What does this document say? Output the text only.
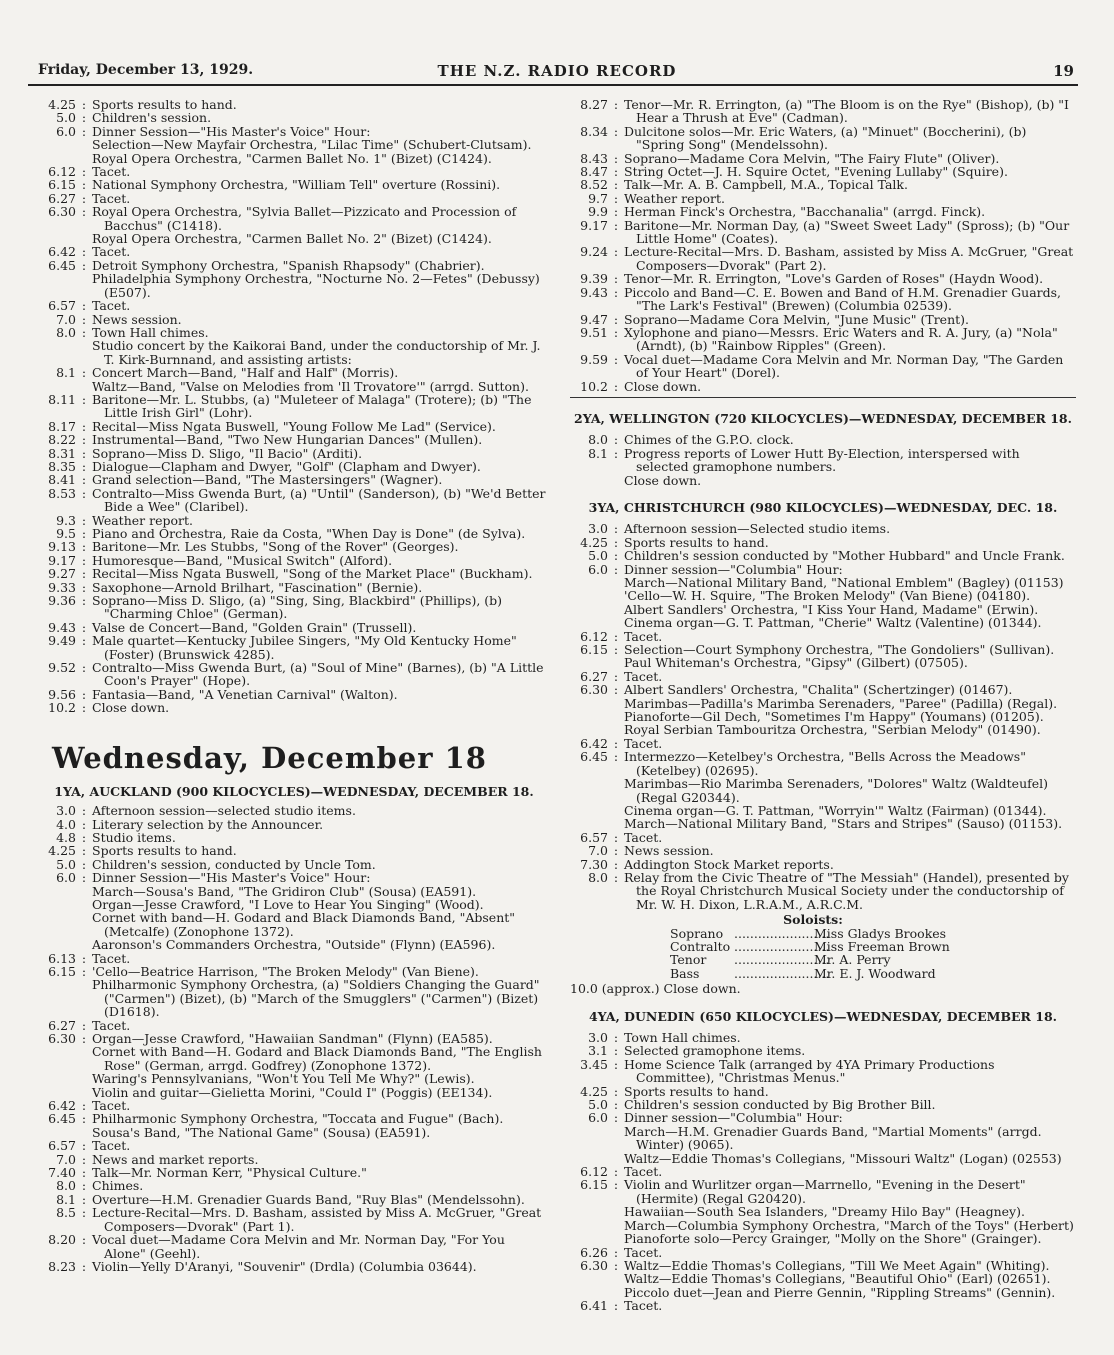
Friday, December 13, 1929.	THE N.Z. RADIO RECORD	19
4.25 : Sports results to hand.

5.0 : Children's session.

6.0 : Dinner Session—"His Master's Voice" Hour:

Selection—New Mayfair Orchestra, "Lilac Time" (Schubert-Clutsam).

Royal Opera Orchestra, "Carmen Ballet No. 1" (Bizet) (C1424).

6.12 : Tacet.

6.15 : National Symphony Orchestra, "William Tell" overture (Rossini).

6.27 : Tacet.

6.30 : Royal Opera Orchestra, "Sylvia Ballet—Pizzicato and Procession of Bacchus" (C1418).

Royal Opera Orchestra, "Carmen Ballet No. 2" (Bizet) (C1424).

6.42 : Tacet.

6.45 : Detroit Symphony Orchestra, "Spanish Rhapsody" (Chabrier).

Philadelphia Symphony Orchestra, "Nocturne No. 2—Fetes" (Debussy) (E507).

6.57 : Tacet.

7.0 : News session.

8.0 : Town Hall chimes.

Studio concert by the Kaikorai Band, under the conductorship of Mr. J. T. Kirk-Burnnand, and assisting artists:

8.1 : Concert March—Band, "Half and Half" (Morris).

Waltz—Band, "Valse on Melodies from 'Il Trovatore'" (arrgd. Sutton).

8.11 : Baritone—Mr. L. Stubbs, (a) "Muleteer of Malaga" (Trotere); (b) "The Little Irish Girl" (Lohr).

8.17 : Recital—Miss Ngata Buswell, "Young Follow Me Lad" (Service).

8.22 : Instrumental—Band, "Two New Hungarian Dances" (Mullen).

8.31 : Soprano—Miss D. Sligo, "Il Bacio" (Arditi).

8.35 : Dialogue—Clapham and Dwyer, "Golf" (Clapham and Dwyer).

8.41 : Grand selection—Band, "The Mastersingers" (Wagner).

8.53 : Contralto—Miss Gwenda Burt, (a) "Until" (Sanderson), (b) "We'd Better Bide a Wee" (Claribel).

9.3 : Weather report.

9.5 : Piano and Orchestra, Raie da Costa, "When Day is Done" (de Sylva).

9.13 : Baritone—Mr. Les Stubbs, "Song of the Rover" (Georges).

9.17 : Humoresque—Band, "Musical Switch" (Alford).

9.27 : Recital—Miss Ngata Buswell, "Song of the Market Place" (Buckham).

9.33 : Saxophone—Arnold Brilhart, "Fascination" (Bernie).

9.36 : Soprano—Miss D. Sligo, (a) "Sing, Sing, Blackbird" (Phillips), (b) "Charming Chloe" (German).

9.43 : Valse de Concert—Band, "Golden Grain" (Trussell).

9.49 : Male quartet—Kentucky Jubilee Singers, "My Old Kentucky Home" (Foster) (Brunswick 4285).

9.52 : Contralto—Miss Gwenda Burt, (a) "Soul of Mine" (Barnes), (b) "A Little Coon's Prayer" (Hope).

9.56 : Fantasia—Band, "A Venetian Carnival" (Walton).

10.2 : Close down.

Wednesday, December 18
1YA, AUCKLAND (900 KILOCYCLES)—WEDNESDAY, DECEMBER 18.
3.0 : Afternoon session—selected studio items.

4.0 : Literary selection by the Announcer.

4.8 : Studio items.

4.25 : Sports results to hand.

5.0 : Children's session, conducted by Uncle Tom.

6.0 : Dinner Session—"His Master's Voice" Hour:

March—Sousa's Band, "The Gridiron Club" (Sousa) (EA591).

Organ—Jesse Crawford, "I Love to Hear You Singing" (Wood).

Cornet with band—H. Godard and Black Diamonds Band, "Absent" (Metcalfe) (Zonophone 1372).

Aaronson's Commanders Orchestra, "Outside" (Flynn) (EA596).

6.13 : Tacet.

6.15 : 'Cello—Beatrice Harrison, "The Broken Melody" (Van Biene).

Philharmonic Symphony Orchestra, (a) "Soldiers Changing the Guard" ("Carmen") (Bizet), (b) "March of the Smugglers" ("Carmen") (Bizet) (D1618).

6.27 : Tacet.

6.30 : Organ—Jesse Crawford, "Hawaiian Sandman" (Flynn) (EA585).

Cornet with Band—H. Godard and Black Diamonds Band, "The English Rose" (German, arrgd. Godfrey) (Zonophone 1372).

Waring's Pennsylvanians, "Won't You Tell Me Why?" (Lewis).

Violin and guitar—Gielietta Morini, "Could I" (Poggis) (EE134).

6.42 : Tacet.

6.45 : Philharmonic Symphony Orchestra, "Toccata and Fugue" (Bach).

Sousa's Band, "The National Game" (Sousa) (EA591).

6.57 : Tacet.

7.0 : News and market reports.

7.40 : Talk—Mr. Norman Kerr, "Physical Culture."

8.0 : Chimes.

8.1 : Overture—H.M. Grenadier Guards Band, "Ruy Blas" (Mendelssohn).

8.5 : Lecture-Recital—Mrs. D. Basham, assisted by Miss A. McGruer, "Great Composers—Dvorak" (Part 1).

8.20 : Vocal duet—Madame Cora Melvin and Mr. Norman Day, "For You Alone" (Geehl).

8.23 : Violin—Yelly D'Aranyi, "Souvenir" (Drdla) (Columbia 03644).

8.27 : Tenor—Mr. R. Errington, (a) "The Bloom is on the Rye" (Bishop), (b) "I Hear a Thrush at Eve" (Cadman).

8.34 : Dulcitone solos—Mr. Eric Waters, (a) "Minuet" (Boccherini), (b) "Spring Song" (Mendelssohn).

8.43 : Soprano—Madame Cora Melvin, "The Fairy Flute" (Oliver).

8.47 : String Octet—J. H. Squire Octet, "Evening Lullaby" (Squire).

8.52 : Talk—Mr. A. B. Campbell, M.A., Topical Talk.

9.7 : Weather report.

9.9 : Herman Finck's Orchestra, "Bacchanalia" (arrgd. Finck).

9.17 : Baritone—Mr. Norman Day, (a) "Sweet Sweet Lady" (Spross); (b) "Our Little Home" (Coates).

9.24 : Lecture-Recital—Mrs. D. Basham, assisted by Miss A. McGruer, "Great Composers—Dvorak" (Part 2).

9.39 : Tenor—Mr. R. Errington, "Love's Garden of Roses" (Haydn Wood).

9.43 : Piccolo and Band—C. E. Bowen and Band of H.M. Grenadier Guards, "The Lark's Festival" (Brewen) (Columbia 02539).

9.47 : Soprano—Madame Cora Melvin, "June Music" (Trent).

9.51 : Xylophone and piano—Messrs. Eric Waters and R. A. Jury, (a) "Nola" (Arndt), (b) "Rainbow Ripples" (Green).

9.59 : Vocal duet—Madame Cora Melvin and Mr. Norman Day, "The Garden of Your Heart" (Dorel).

10.2 : Close down.

2YA, WELLINGTON (720 KILOCYCLES)—WEDNESDAY, DECEMBER 18.
8.0 : Chimes of the G.P.O. clock.

8.1 : Progress reports of Lower Hutt By-Election, interspersed with selected gramophone numbers.

Close down.

3YA, CHRISTCHURCH (980 KILOCYCLES)—WEDNESDAY, DEC. 18.
3.0 : Afternoon session—Selected studio items.

4.25 : Sports results to hand.

5.0 : Children's session conducted by "Mother Hubbard" and Uncle Frank.

6.0 : Dinner session—"Columbia" Hour:

March—National Military Band, "National Emblem" (Bagley) (01153)

'Cello—W. H. Squire, "The Broken Melody" (Van Biene) (04180).

Albert Sandlers' Orchestra, "I Kiss Your Hand, Madame" (Erwin).

Cinema organ—G. T. Pattman, "Cherie" Waltz (Valentine) (01344).

6.12 : Tacet.

6.15 : Selection—Court Symphony Orchestra, "The Gondoliers" (Sullivan).

Paul Whiteman's Orchestra, "Gipsy" (Gilbert) (07505).

6.27 : Tacet.

6.30 : Albert Sandlers' Orchestra, "Chalita" (Schertzinger) (01467).

Marimbas—Padilla's Marimba Serenaders, "Paree" (Padilla) (Regal).

Pianoforte—Gil Dech, "Sometimes I'm Happy" (Youmans) (01205).

Royal Serbian Tambouritza Orchestra, "Serbian Melody" (01490).

6.42 : Tacet.

6.45 : Intermezzo—Ketelbey's Orchestra, "Bells Across the Meadows" (Ketelbey) (02695).

Marimbas—Rio Marimba Serenaders, "Dolores" Waltz (Waldteufel) (Regal G20344).

Cinema organ—G. T. Pattman, "Worryin'" Waltz (Fairman) (01344).

March—National Military Band, "Stars and Stripes" (Sauso) (01153).

6.57 : Tacet.

7.0 : News session.

7.30 : Addington Stock Market reports.

8.0 : Relay from the Civic Theatre of "The Messiah" (Handel), presented by the Royal Christchurch Musical Society under the conductorship of Mr. W. H. Dixon, L.R.A.M., A.R.C.M.

Soloists:
Soprano ........................
Miss Gladys Brookes
Contralto ........................
Miss Freeman Brown
Tenor	........................
Mr. A. Perry
Bass	........................
Mr. E. J. Woodward
10.0 (approx.) Close down.
4YA, DUNEDIN (650 KILOCYCLES)—WEDNESDAY, DECEMBER 18.
3.0 : Town Hall chimes.

3.1 : Selected gramophone items.

3.45 : Home Science Talk (arranged by 4YA Primary Productions Committee), "Christmas Menus."

4.25 : Sports results to hand.

5.0 : Children's session conducted by Big Brother Bill.

6.0 : Dinner session—"Columbia" Hour:

March—H.M. Grenadier Guards Band, "Martial Moments" (arrgd. Winter) (9065).

Waltz—Eddie Thomas's Collegians, "Missouri Waltz" (Logan) (02553)

6.12 : Tacet.

6.15 : Violin and Wurlitzer organ—Marrnello, "Evening in the Desert" (Hermite) (Regal G20420).

Hawaiian—South Sea Islanders, "Dreamy Hilo Bay" (Heagney).

March—Columbia Symphony Orchestra, "March of the Toys" (Herbert)

Pianoforte solo—Percy Grainger, "Molly on the Shore" (Grainger).

6.26 : Tacet.

6.30 : Waltz—Eddie Thomas's Collegians, "Till We Meet Again" (Whiting).

Waltz—Eddie Thomas's Collegians, "Beautiful Ohio" (Earl) (02651).

Piccolo duet—Jean and Pierre Gennin, "Rippling Streams" (Gennin).

6.41 : Tacet.
